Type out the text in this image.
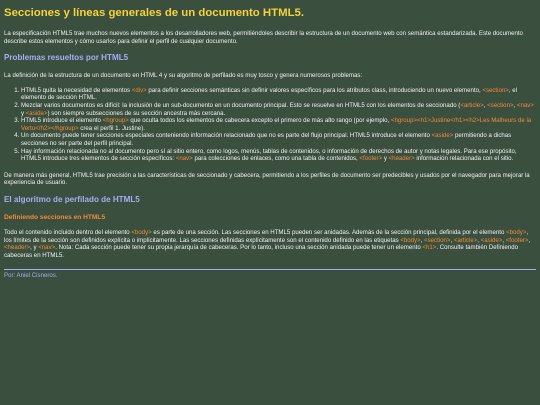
Secciones y líneas generales de un documento HTML5.

La especificación HTML5 trae muchos nuevos elementos a los desarrolladores web, permitiéndoles describir la estructura de un documento web con semántica estandarizada. Este documento describe estos elementos y cómo usarlos para definir el perfil de cualquier documento.

Problemas resueltos por HTML5

La definición de la estructura de un documento en HTML 4 y su algoritmo de perfilado es muy tosco y genera numerosos problemas:

1. HTML5 quita la necesidad de elementos <div> para definir secciones semánticas sin definir valores específicos para los atributos class, introduciendo un nuevo elemento, <section>, el elemento de sección HTML.
2. Mezclar varios documentos es difícil: la inclusión de un sub-documento en un documento principal. Esto se resuelve en HTML5 con los elementos de seccionado (<article>, <section>, <nav> y <aside>) son siempre subsecciones de su sección ancestra más cercana.
3. HTML5 introduce el elemento <hgroup> que oculta todos los elementos de cabecera excepto el primero de más alto rango (por ejemplo, <hgroup><h1>Justine</h1><h2>Les Malheurs de la Vertu</h2></hgroup> crea el perfil 1. Justine).
4. Un documento puede tener secciones especiales conteniendo información relacionado que no es parte del flujo principal. HTML5 introduce el elemento <aside> permitiendo a dichas secciones no ser parte del perfil principal.
5. Hay información relacionada no al documento pero sí al sitio entero, como logos, menús, tablas de contenidos, o información de derechos de autor y notas legales. Para ese propósito, HTML5 introduce tres elementos de sección específicos: <nav> para colecciones de enlaces, como una tabla de contenidos, <footer> y <header> información relacionada con el sitio.

De manera más general, HTML5 trae precisión a las características de seccionado y cabecera, permitiendo a los perfiles de documento ser predecibles y usados por el navegador para mejorar la experiencia de usuario.

El algoritmo de perfilado de HTML5
Definiendo secciones en HTML5

Todo el contenido incluido dentro del elemento <body> es parte de una sección. Las secciones en HTML5 pueden ser anidadas. Además de la sección principal, definida por el elemento <body>, los límites de la sección son definidos explícita o implícitamente. Las secciones definidas explícitamente son el contenido definido en las etiquetas <body>, <section>, <article>, <aside>, <footer>, <header>, y <nav>. Nota: Cada sección puede tener su propia jerarquía de cabeceras. Por lo tanto, incluso una sección anidada puede tener un elemento <h1>. Consulte también Definiendo cabeceras en HTML5.

Por: Aniel Cisneros.
